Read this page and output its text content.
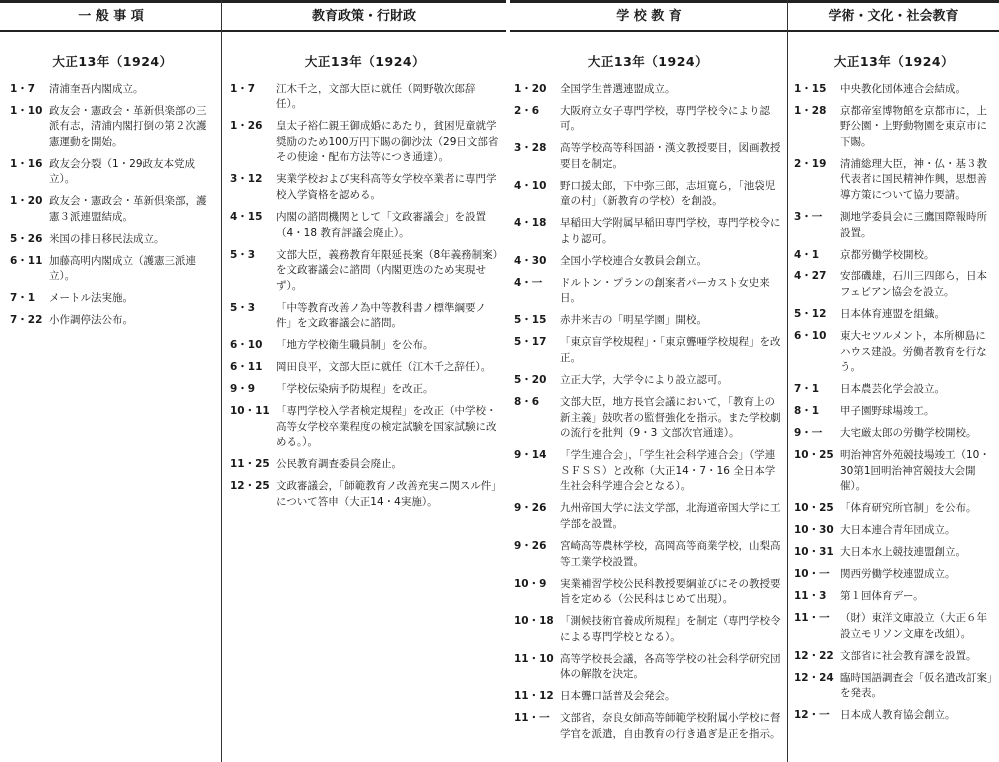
一 般 事 項	教育政策・行財政	学 校 教 育	学術・文化・社会教育
大正13年（1924）
1・7	清浦奎吾内閣成立。
1・10 政友会・憲政会・革新倶楽部の三派有志，清浦内閣打倒の第２次護憲運動を開始。
1・16 政友会分裂（1・29政友本党成立）。
1・20 政友会・憲政会・革新倶楽部，護憲３派連盟結成。
5・26 米国の排日移民法成立。
6・11 加藤高明内閣成立（護憲三派連立）。
7・1	メートル法実施。
7・22 小作調停法公布。
大正13年（1924）
1・7	江木千之，文部大臣に就任（岡野敬次郎辞任）。
1・26	皇太子裕仁親王御成婚にあたり，貧困児童就学奨励のため100万円下賜の御沙汰（29日文部省その使途・配布方法等につき通達）。
3・12	実業学校および実科高等女学校卒業者に専門学校入学資格を認める。
4・15	内閣の諮問機関として「文政審議会」を設置（4・18 教育評議会廃止）。
5・3	文部大臣，義務教育年限延長案（8年義務制案）を文政審議会に諮問（内閣更迭のため実現せず）。
5・3	「中等教育改善ノ為中等教科書ノ標準綱要ノ件」を文政審議会に諮問。
6・10	「地方学校衛生職員制」を公布。
6・11	岡田良平，文部大臣に就任（江木千之辞任）。
9・9	「学校伝染病予防規程」を改正。
10・11 「専門学校入学者検定規程」を改正（中学校・高等女学校卒業程度の検定試験を国家試験に改める。）。
11・25 公民教育調査委員会廃止。
12・25 文政審議会，「師範教育ノ改善充実ニ関スル件」について答申（大正14・4実施）。
大正13年（1924）
1・20	全国学生普選連盟成立。
2・6	大阪府立女子専門学校，専門学校令により認可。
3・28	高等学校高等科国語・漢文教授要目，図画教授要目を制定。
4・10	野口援太郎，下中弥三郎，志垣寛ら，「池袋児童の村」（新教育の学校）を創設。
4・18	早稲田大学附属早稲田専門学校，専門学校令により認可。
4・30	全国小学校連合女教員会創立。
4・一	ドルトン・プランの創案者パーカスト女史来日。
5・15	赤井米吉の「明星学園」開校。
5・17	「東京盲学校規程」・「東京聾唖学校規程」を改正。
5・20	立正大学，大学令により設立認可。
8・6	文部大臣，地方長官会議において，「教育上の新主義」鼓吹者の監督強化を指示。また学校劇の流行を批判（9・3 文部次官通達）。
9・14	「学生連合会」，「学生社会科学連合会」（学連ＳＦＳＳ）と改称（大正14・7・16 全日本学生社会科学連合会となる）。
9・26	九州帝国大学に法文学部，北海道帝国大学に工学部を設置。
9・26	宮崎高等農林学校，高岡高等商業学校，山梨高等工業学校設置。
10・9	実業補習学校公民科教授要綱並びにその教授要旨を定める（公民科はじめて出現）。
10・18 「測候技術官養成所規程」を制定（専門学校令による専門学校となる）。
11・10 高等学校長会議，各高等学校の社会科学研究団体の解散を決定。
11・12 日本聾口話普及会発会。
11・一 文部省，奈良女師高等師範学校附属小学校に督学官を派遣，自由教育の行き過ぎ是正を指示。
大正13年（1924）
1・15	中央教化団体連合会結成。
1・28	京都帝室博物館を京都市に，上野公園・上野動物園を東京市に下賜。
2・19	清浦総理大臣，神・仏・基３教代表者に国民精神作興，思想善導方策について協力要請。
3・一	測地学委員会に三鷹国際報時所設置。
4・1	京都労働学校開校。
4・27	安部磯雄，石川三四郎ら，日本フェビアン協会を設立。
5・12	日本体育連盟を組織。
6・10	東大セツルメント，本所柳島にハウス建設。労働者教育を行なう。
7・1	日本農芸化学会設立。
8・1	甲子園野球場竣工。
9・一	大宅厳太郎の労働学校開校。
10・25 明治神宮外苑競技場竣工（10・30第1回明治神宮競技大会開催）。
10・25 「体育研究所官制」を公布。
10・30 大日本連合青年団成立。
10・31 大日本水上競技連盟創立。
10・一 関西労働学校連盟成立。
11・3	第１回体育デー。
11・一 （財）東洋文庫設立（大正６年設立モリソン文庫を改組）。
12・22 文部省に社会教育課を設置。
12・24 臨時国語調査会「仮名遣改訂案」を発表。
12・一 日本成人教育協会創立。
